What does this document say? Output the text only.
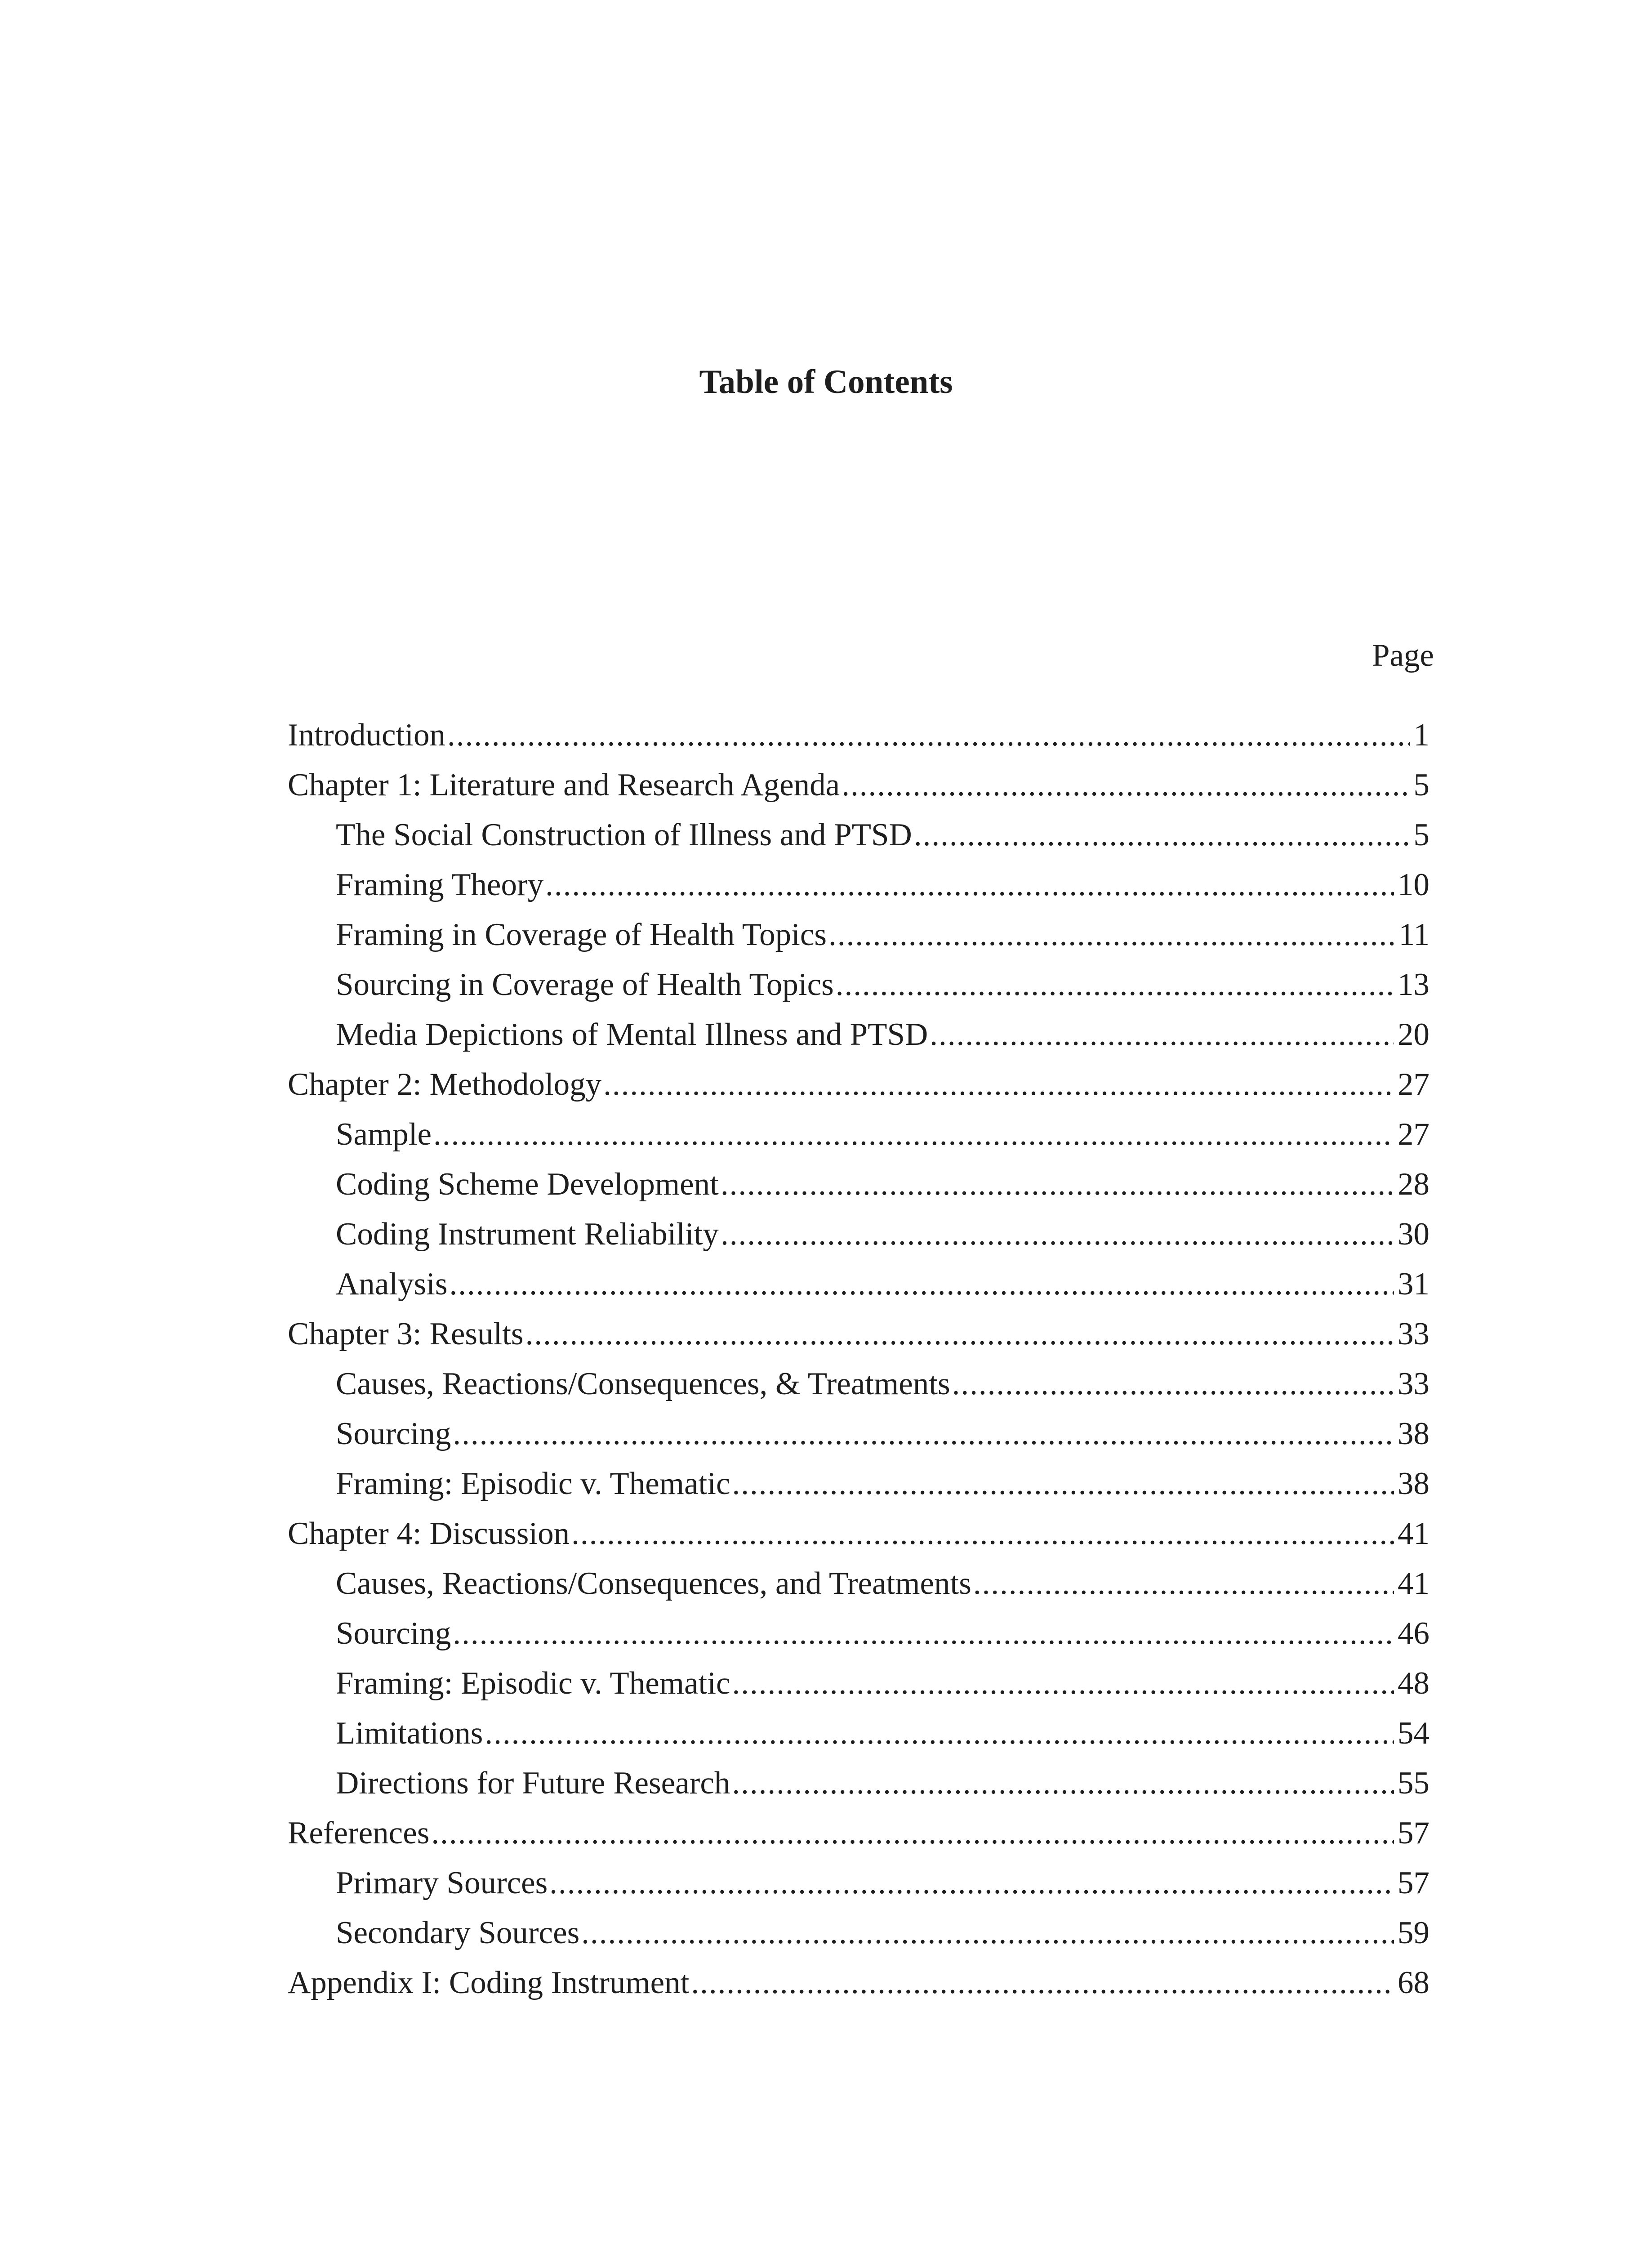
Table of Contents
Page
Introduction .....	1
Chapter 1: Literature and Research Agenda .....	5
The Social Construction of Illness and PTSD .....	5
Framing Theory .....	10
Framing in Coverage of Health Topics .....	11
Sourcing in Coverage of Health Topics .....	13
Media Depictions of Mental Illness and PTSD .....	20
Chapter 2: Methodology .....	27
Sample .....	27
Coding Scheme Development .....	28
Coding Instrument Reliability .....	30
Analysis .....	31
Chapter 3: Results .....	33
Causes, Reactions/Consequences, & Treatments .....	33
Sourcing .....	38
Framing: Episodic v. Thematic .....	38
Chapter 4: Discussion .....	41
Causes, Reactions/Consequences, and Treatments .....	41
Sourcing .....	46
Framing: Episodic v. Thematic .....	48
Limitations .....	54
Directions for Future Research .....	55
References .....	57
Primary Sources .....	57
Secondary Sources .....	59
Appendix I: Coding Instrument .....	68
